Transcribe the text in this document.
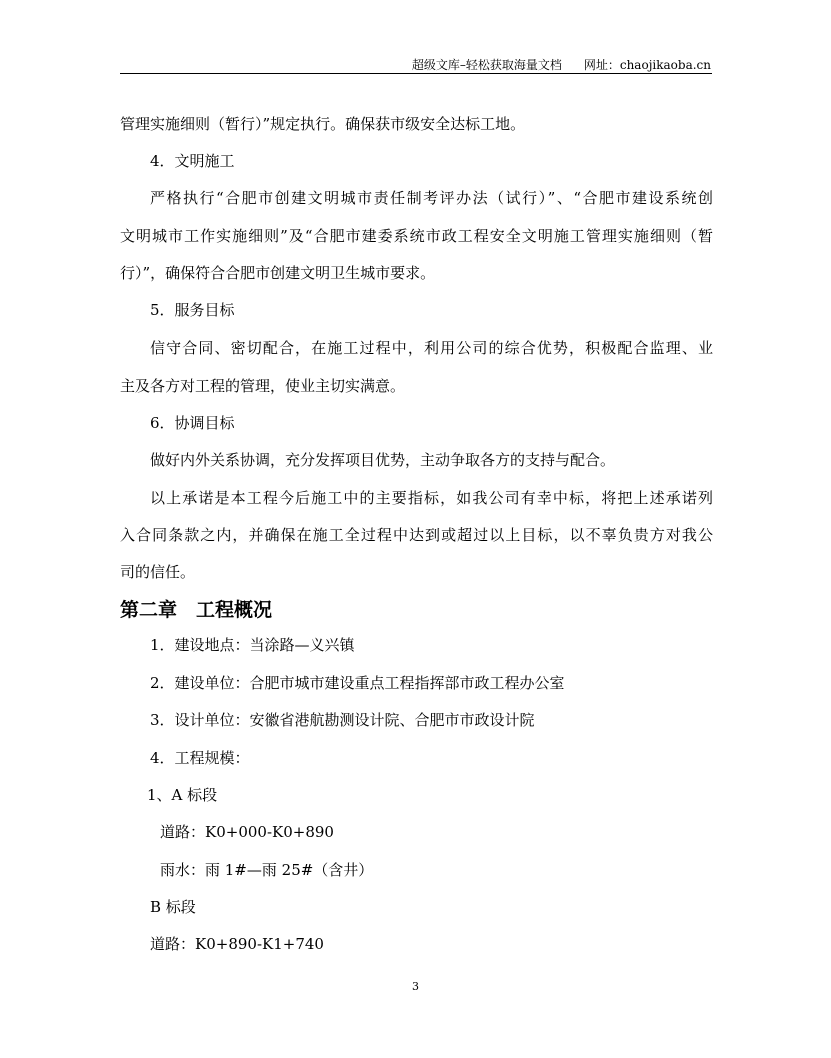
超级文库–轻松获取海量文档 网址：chaojikaoba.cn
管理实施细则（暂行）”规定执行。确保获市级安全达标工地。
4．文明施工
严格执行“合肥市创建文明城市责任制考评办法（试行）”、“合肥市建设系统创
文明城市工作实施细则”及“合肥市建委系统市政工程安全文明施工管理实施细则（暂
行）”，确保符合合肥市创建文明卫生城市要求。
5．服务目标
信守合同、密切配合，在施工过程中，利用公司的综合优势，积极配合监理、业
主及各方对工程的管理，使业主切实满意。
6．协调目标
做好内外关系协调，充分发挥项目优势，主动争取各方的支持与配合。
以上承诺是本工程今后施工中的主要指标，如我公司有幸中标，将把上述承诺列
入合同条款之内，并确保在施工全过程中达到或超过以上目标，以不辜负贵方对我公
司的信任。
第二章　工程概况
1．建设地点：当涂路—义兴镇
2．建设单位：合肥市城市建设重点工程指挥部市政工程办公室
3．设计单位：安徽省港航勘测设计院、合肥市市政设计院
4．工程规模：
1、A 标段
道路：K0+000-K0+890
雨水：雨 1#—雨 25#（含井）
B 标段
道路：K0+890-K1+740
3
